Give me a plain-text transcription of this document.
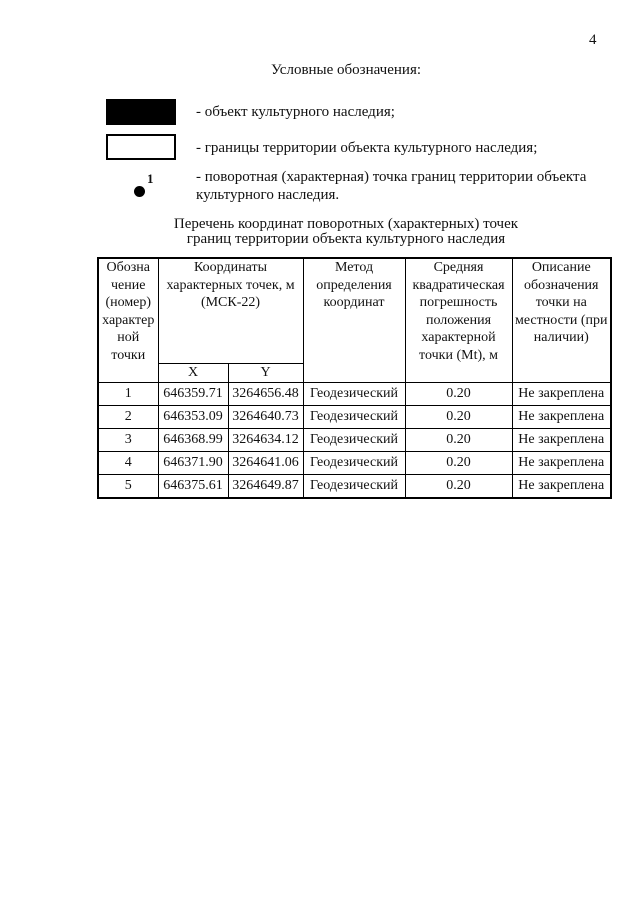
4
Условные обозначения:
- объект культурного наследия;
- границы территории объекта культурного наследия;
1	- поворотная (характерная) точка границ территории объекта культурного наследия.
Перечень координат поворотных (характерных) точек
границ территории объекта культурного наследия
Обозна чение (номер) характер ной точки	Координаты характерных точек, м (МСК-22)		Метод определения координат	Средняя квадратическая погрешность положения характерной точки (Mt), м	Описание обозначения точки на местности (при наличии)
	X	Y			
1	646359.71	3264656.48	Геодезический	0.20	Не закреплена
2	646353.09	3264640.73	Геодезический	0.20	Не закреплена
3	646368.99	3264634.12	Геодезический	0.20	Не закреплена
4	646371.90	3264641.06	Геодезический	0.20	Не закреплена
5	646375.61	3264649.87	Геодезический	0.20	Не закреплена
